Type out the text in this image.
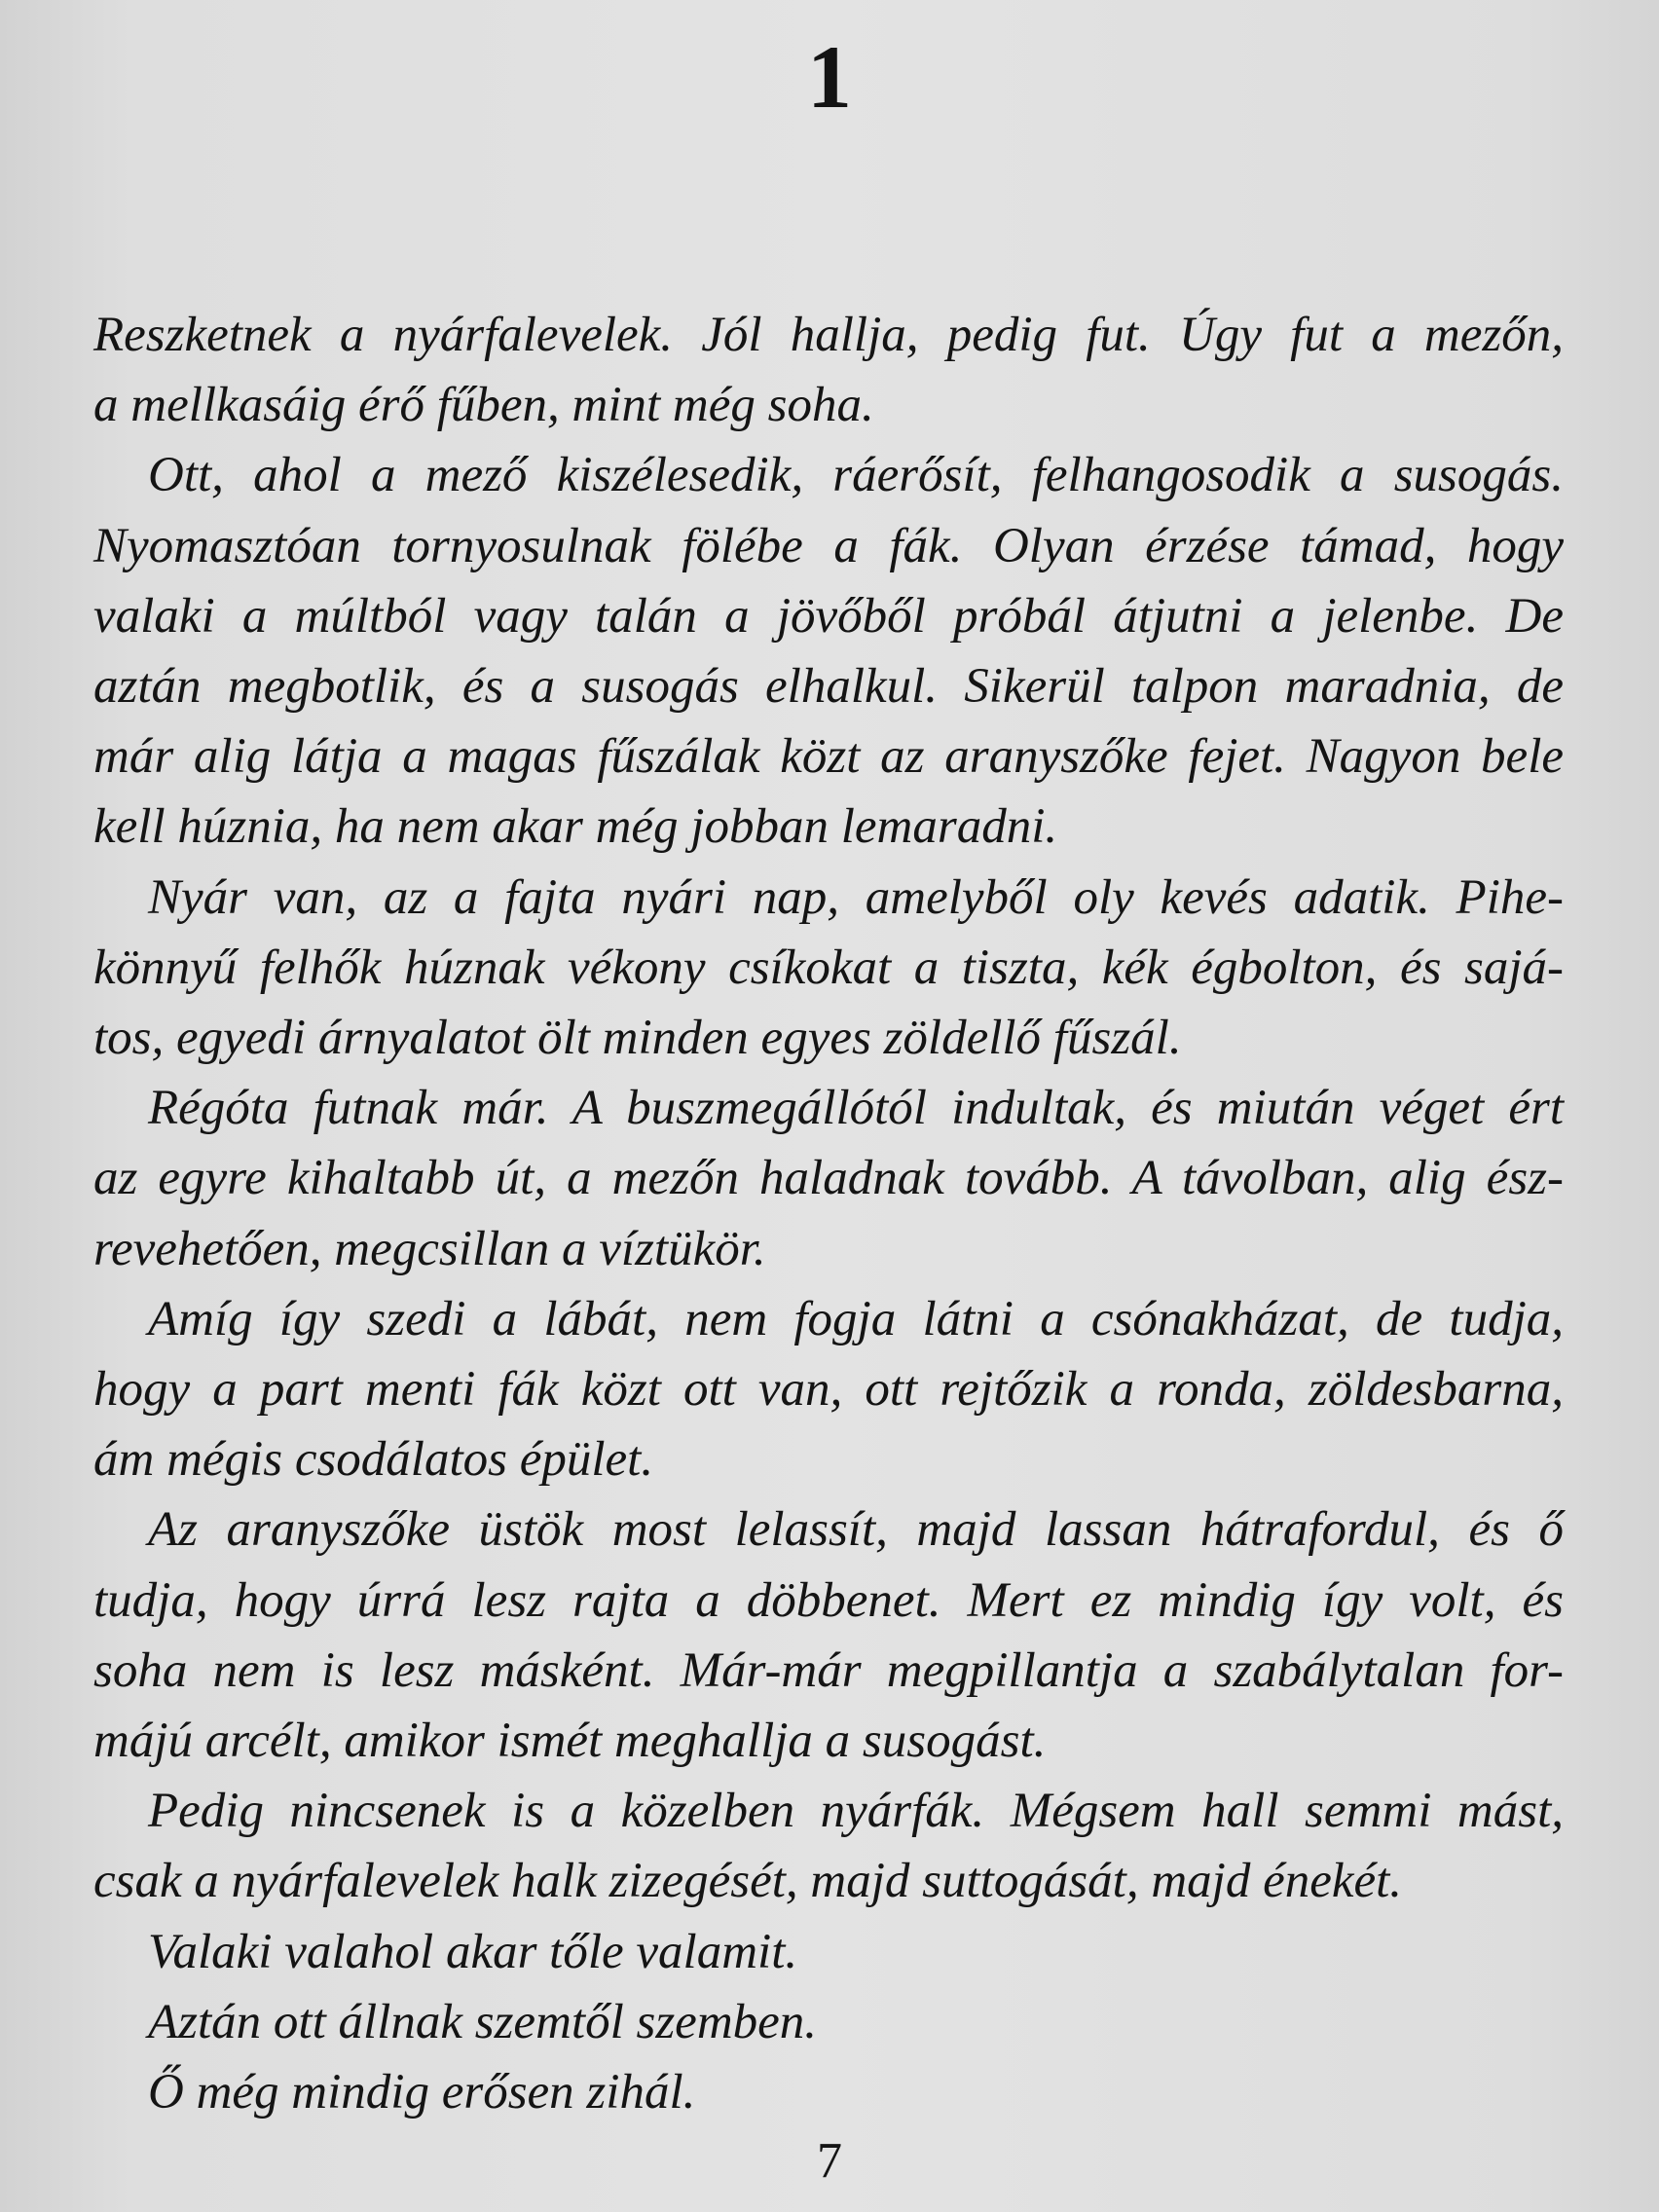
1
Reszketnek a nyárfalevelek. Jól hallja, pedig fut. Úgy fut a mezőn,
a mellkasáig érő fűben, mint még soha.
Ott, ahol a mező kiszélesedik, ráerősít, felhangosodik a susogás.
Nyomasztóan tornyosulnak fölébe a fák. Olyan érzése támad, hogy
valaki a múltból vagy talán a jövőből próbál átjutni a jelenbe. De
aztán megbotlik, és a susogás elhalkul. Sikerül talpon maradnia, de
már alig látja a magas fűszálak közt az aranyszőke fejet. Nagyon bele
kell húznia, ha nem akar még jobban lemaradni.
Nyár van, az a fajta nyári nap, amelyből oly kevés adatik. Pihe-
könnyű felhők húznak vékony csíkokat a tiszta, kék égbolton, és sajá-
tos, egyedi árnyalatot ölt minden egyes zöldellő fűszál.
Régóta futnak már. A buszmegállótól indultak, és miután véget ért
az egyre kihaltabb út, a mezőn haladnak tovább. A távolban, alig ész-
revehetően, megcsillan a víztükör.
Amíg így szedi a lábát, nem fogja látni a csónakházat, de tudja,
hogy a part menti fák közt ott van, ott rejtőzik a ronda, zöldesbarna,
ám mégis csodálatos épület.
Az aranyszőke üstök most lelassít, majd lassan hátrafordul, és ő
tudja, hogy úrrá lesz rajta a döbbenet. Mert ez mindig így volt, és
soha nem is lesz másként. Már-már megpillantja a szabálytalan for-
májú arcélt, amikor ismét meghallja a susogást.
Pedig nincsenek is a közelben nyárfák. Mégsem hall semmi mást,
csak a nyárfalevelek halk zizegését, majd suttogását, majd énekét.
Valaki valahol akar tőle valamit.
Aztán ott állnak szemtől szemben.
Ő még mindig erősen zihál.
7
